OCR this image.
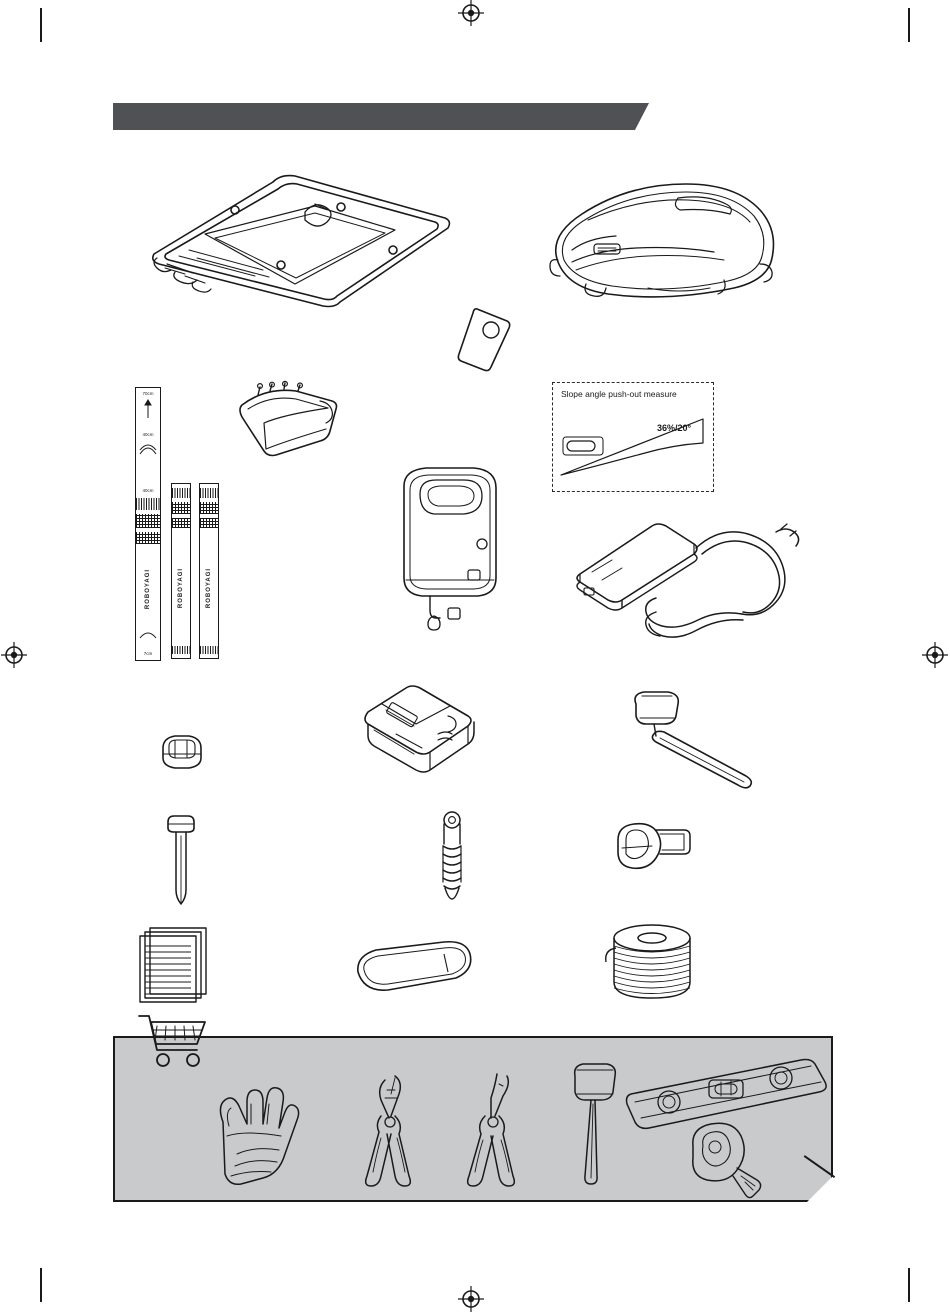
Slope angle push-out measure
36%/20°
70cm
40cm
40cm
ROBOYAGI
7cm
ROBOYAGI	ROBOYAGI
